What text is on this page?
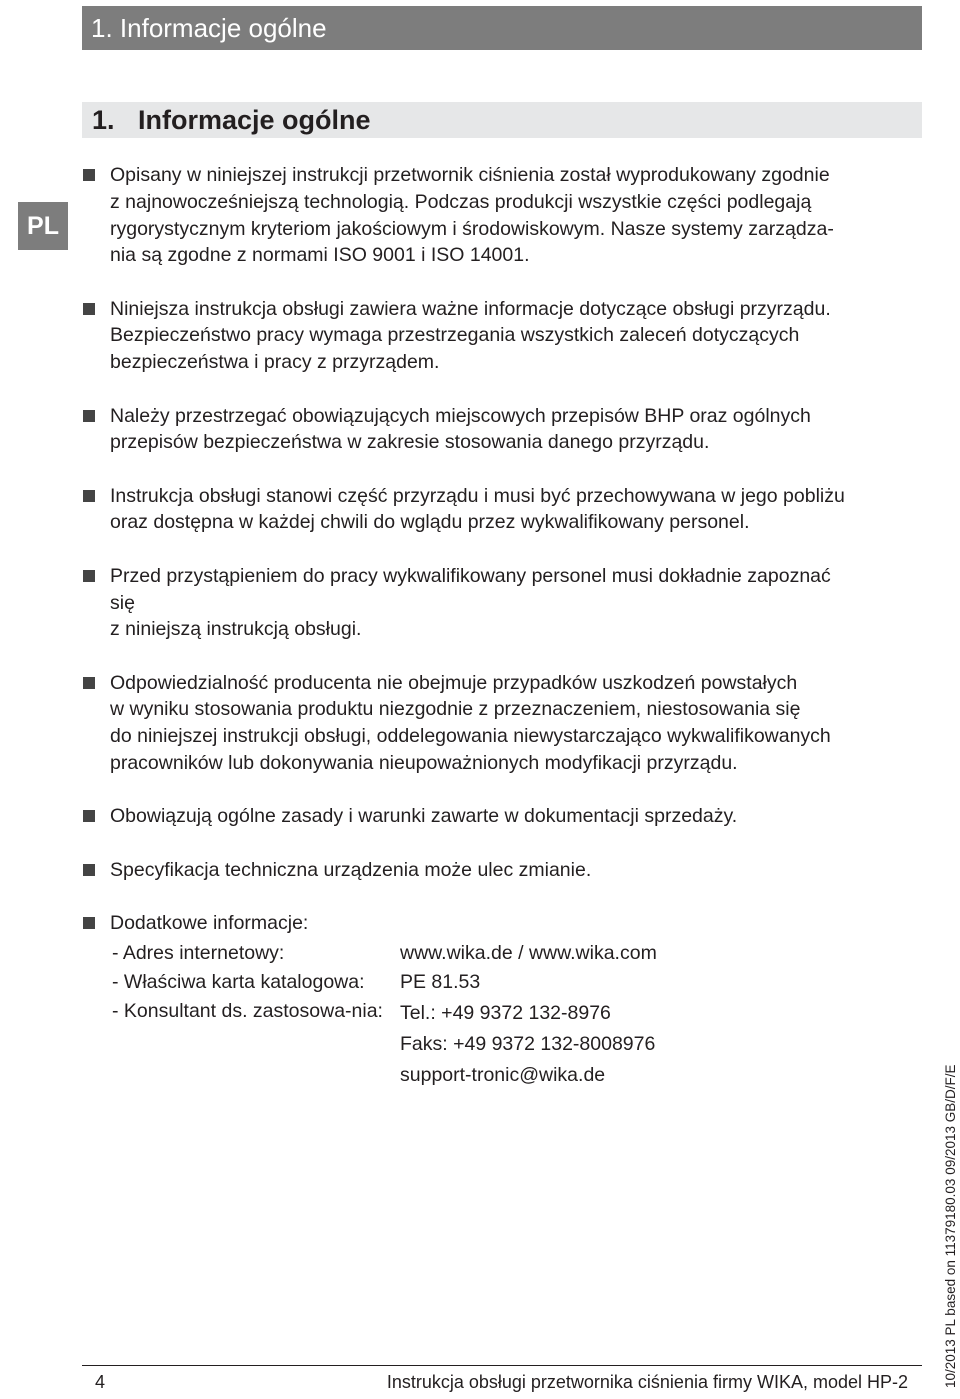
1. Informacje ogólne
1. Informacje ogólne
PL
Opisany w niniejszej instrukcji przetwornik ciśnienia został wyprodukowany zgodnie
z najnowocześniejszą technologią. Podczas produkcji wszystkie części podlegają
rygorystycznym kryteriom jakościowym i środowiskowym. Nasze systemy zarządza-
nia są zgodne z normami ISO 9001 i ISO 14001.
Niniejsza instrukcja obsługi zawiera ważne informacje dotyczące obsługi przyrządu.
Bezpieczeństwo pracy wymaga przestrzegania wszystkich zaleceń dotyczących
bezpieczeństwa i pracy z przyrządem.
Należy przestrzegać obowiązujących miejscowych przepisów BHP oraz ogólnych
przepisów bezpieczeństwa w zakresie stosowania danego przyrządu.
Instrukcja obsługi stanowi część przyrządu i musi być przechowywana w jego pobliżu
oraz dostępna w każdej chwili do wglądu przez wykwalifikowany personel.
Przed przystąpieniem do pracy wykwalifikowany personel musi dokładnie zapoznać
się
z niniejszą instrukcją obsługi.
Odpowiedzialność producenta nie obejmuje przypadków uszkodzeń powstałych
w wyniku stosowania produktu niezgodnie z przeznaczeniem, niestosowania się
do niniejszej instrukcji obsługi, oddelegowania niewystarczająco wykwalifikowanych
pracowników lub dokonywania nieupoważnionych modyfikacji przyrządu.
Obowiązują ogólne zasady i warunki zawarte w dokumentacji sprzedaży.
Specyfikacja techniczna urządzenia może ulec zmianie.
Dodatkowe informacje:
- Adres internetowy:	www.wika.de / www.wika.com
- Właściwa karta katalogowa:	PE 81.53
- Konsultant ds. zastosowa-nia: Tel.: +49 9372 132-8976
Faks: +49 9372 132-8008976
support-tronic@wika.de	10/2013 PL based on 11379180.03 09/2013 GB/D/F/E
4	Instrukcja obsługi przetwornika ciśnienia firmy WIKA, model HP-2
